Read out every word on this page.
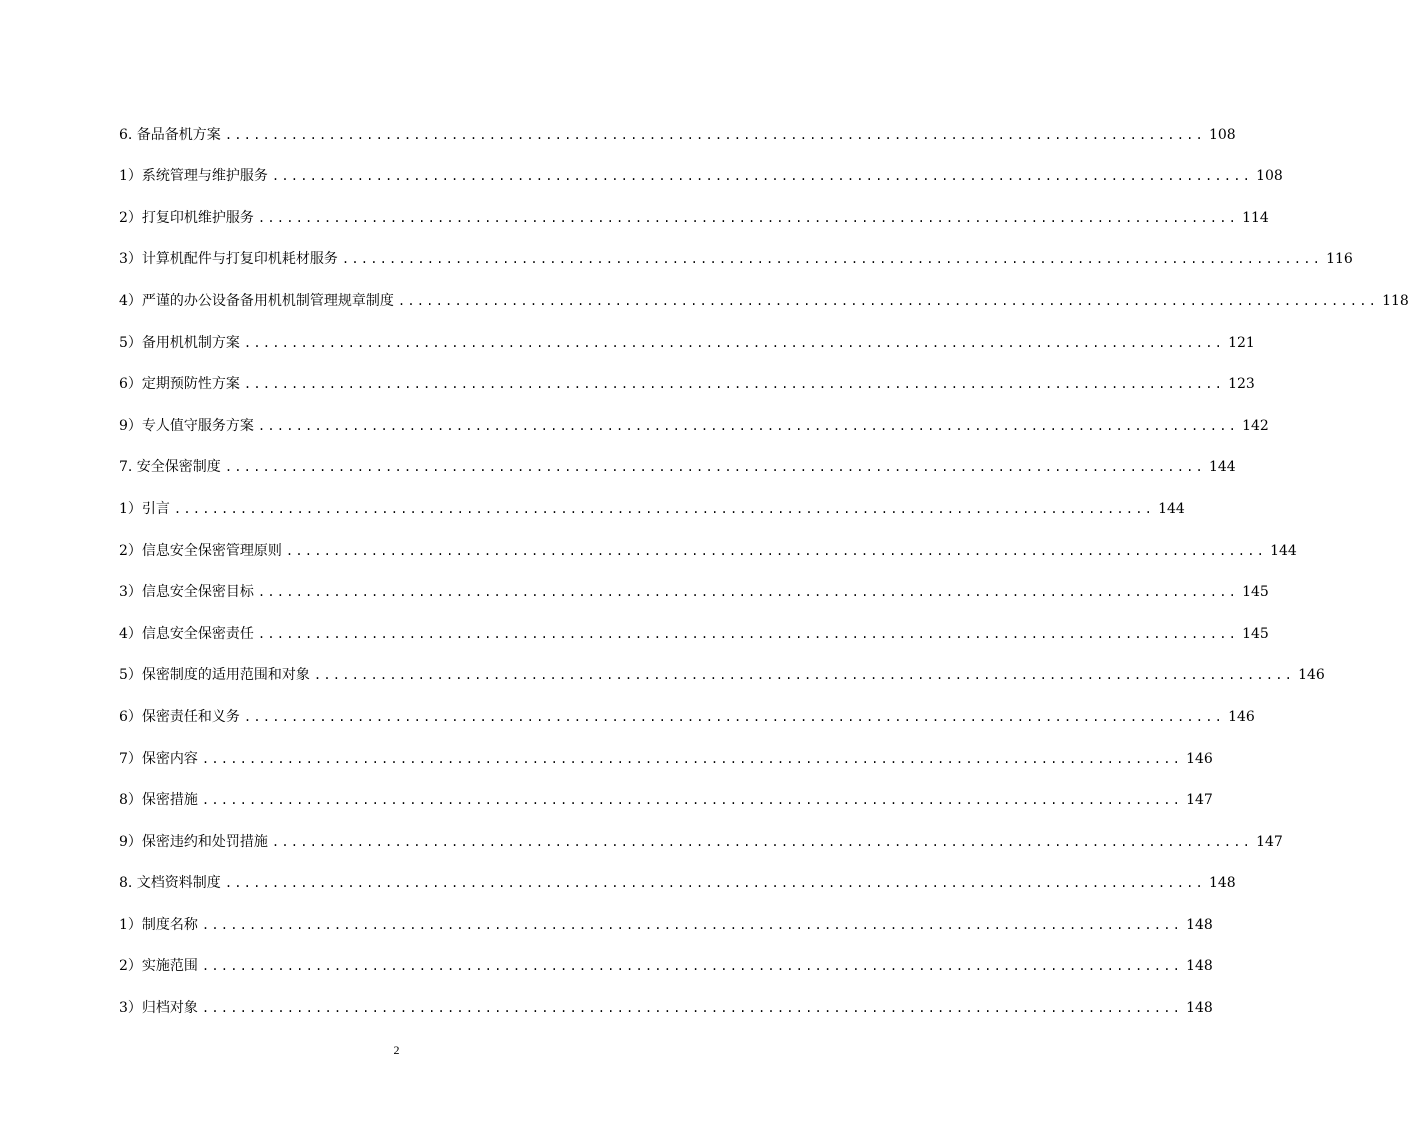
6. 备品备机方案 ........................................................................................................ 108
1）系统管理与维护服务 ........................................................................................................ 108
2）打复印机维护服务 ........................................................................................................ 114
3）计算机配件与打复印机耗材服务 ........................................................................................................ 116
4）严谨的办公设备备用机机制管理规章制度 ........................................................................................................ 118
5）备用机机制方案 ........................................................................................................ 121
6）定期预防性方案 ........................................................................................................ 123
9）专人值守服务方案 ........................................................................................................ 142
7. 安全保密制度 ........................................................................................................ 144
1）引言 ........................................................................................................ 144
2）信息安全保密管理原则 ........................................................................................................ 144
3）信息安全保密目标 ........................................................................................................ 145
4）信息安全保密责任 ........................................................................................................ 145
5）保密制度的适用范围和对象 ........................................................................................................ 146
6）保密责任和义务 ........................................................................................................ 146
7）保密内容 ........................................................................................................ 146
8）保密措施 ........................................................................................................ 147
9）保密违约和处罚措施 ........................................................................................................ 147
8. 文档资料制度 ........................................................................................................ 148
1）制度名称 ........................................................................................................ 148
2）实施范围 ........................................................................................................ 148
3）归档对象 ........................................................................................................ 148
2
